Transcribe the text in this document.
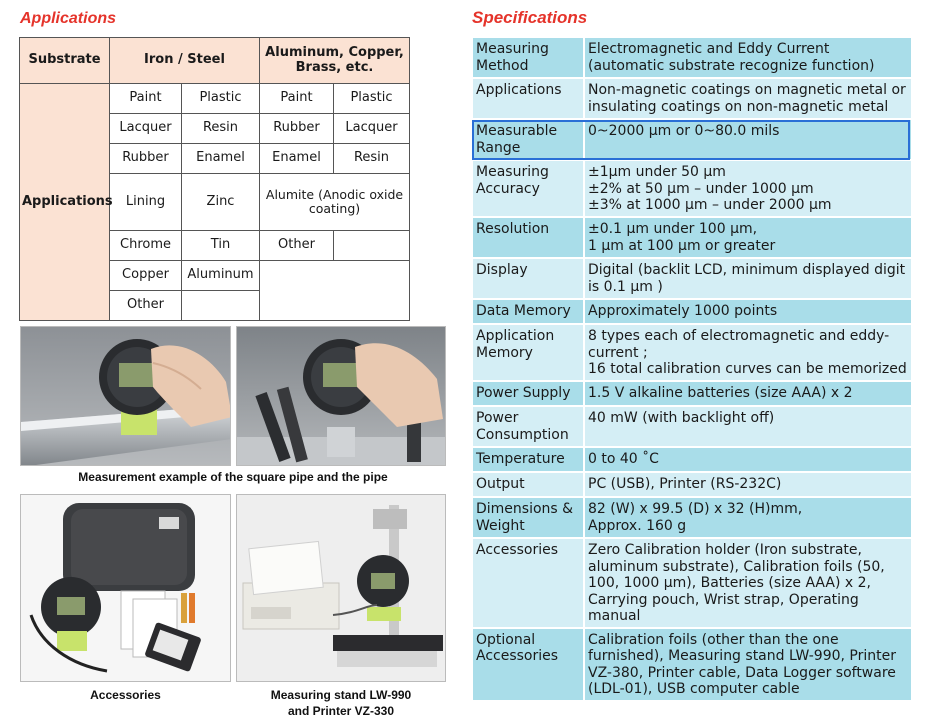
Applications	Specifications
Substrate	Iron / Steel		Aluminum, Copper, Brass, etc.	
Applications	Paint	Plastic	Paint	Plastic
	Lacquer	Resin	Rubber	Lacquer
	Rubber	Enamel	Enamel	Resin
	Lining	Zinc	Alumite (Anodic oxide coating)	
	Chrome	Tin	Other	
	Copper	Aluminum		
	Other			
Measurement example of the square pipe and the pipe
Accessories	Measuring stand LW-990
and Printer VZ-330
Measuring Method	Electromagnetic and Eddy Current (automatic substrate recognize function)
Applications	Non-magnetic coatings on magnetic metal or insulating coatings on non-magnetic metal
Measurable Range	0~2000 μm or 0~80.0 mils
Measuring Accuracy	±1μm under 50 μm
±2% at 50 μm – under 1000 μm
±3% at 1000 μm – under 2000 μm
Resolution	±0.1 μm under 100 μm,
1 μm at 100 μm or greater
Display	Digital (backlit LCD, minimum displayed digit is 0.1 μm )
Data Memory	Approximately 1000 points
Application Memory	8 types each of electromagnetic and eddy-current ;
16 total calibration curves can be memorized
Power Supply	1.5 V alkaline batteries (size AAA) x 2
Power Consumption	40 mW (with backlight off)
Temperature	0 to 40 ˚C
Output	PC (USB), Printer (RS-232C)
Dimensions & Weight	82 (W) x 99.5 (D) x 32 (H)mm,
Approx. 160 g
Accessories	Zero Calibration holder (Iron substrate, aluminum substrate), Calibration foils (50, 100, 1000 μm), Batteries (size AAA) x 2, Carrying pouch, Wrist strap, Operating manual
Optional Accessories	Calibration foils (other than the one furnished), Measuring stand LW-990, Printer VZ-380, Printer cable, Data Logger software (LDL-01), USB computer cable
